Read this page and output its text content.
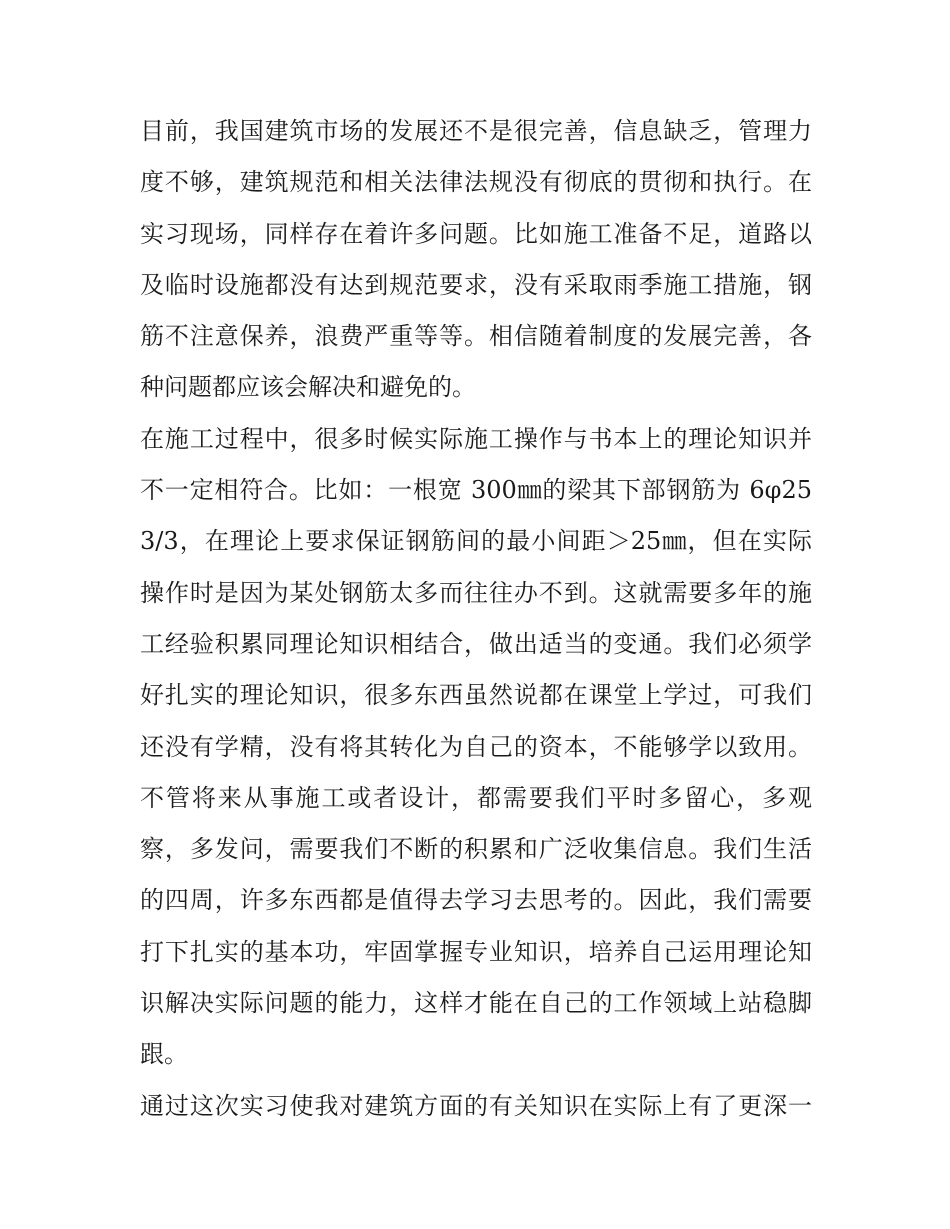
目前，我国建筑市场的发展还不是很完善，信息缺乏，管理力
度不够，建筑规范和相关法律法规没有彻底的贯彻和执行。在
实习现场，同样存在着许多问题。比如施工准备不足，道路以
及临时设施都没有达到规范要求，没有采取雨季施工措施，钢
筋不注意保养，浪费严重等等。相信随着制度的发展完善，各
种问题都应该会解决和避免的。
在施工过程中，很多时候实际施工操作与书本上的理论知识并
不一定相符合。比如：一根宽 300㎜的梁其下部钢筋为 6φ25
3/3，在理论上要求保证钢筋间的最小间距＞25㎜，但在实际
操作时是因为某处钢筋太多而往往办不到。这就需要多年的施
工经验积累同理论知识相结合，做出适当的变通。我们必须学
好扎实的理论知识，很多东西虽然说都在课堂上学过，可我们
还没有学精，没有将其转化为自己的资本，不能够学以致用。
不管将来从事施工或者设计，都需要我们平时多留心，多观
察，多发问，需要我们不断的积累和广泛收集信息。我们生活
的四周，许多东西都是值得去学习去思考的。因此，我们需要
打下扎实的基本功，牢固掌握专业知识，培养自己运用理论知
识解决实际问题的能力，这样才能在自己的工作领域上站稳脚
跟。
通过这次实习使我对建筑方面的有关知识在实际上有了更深一
